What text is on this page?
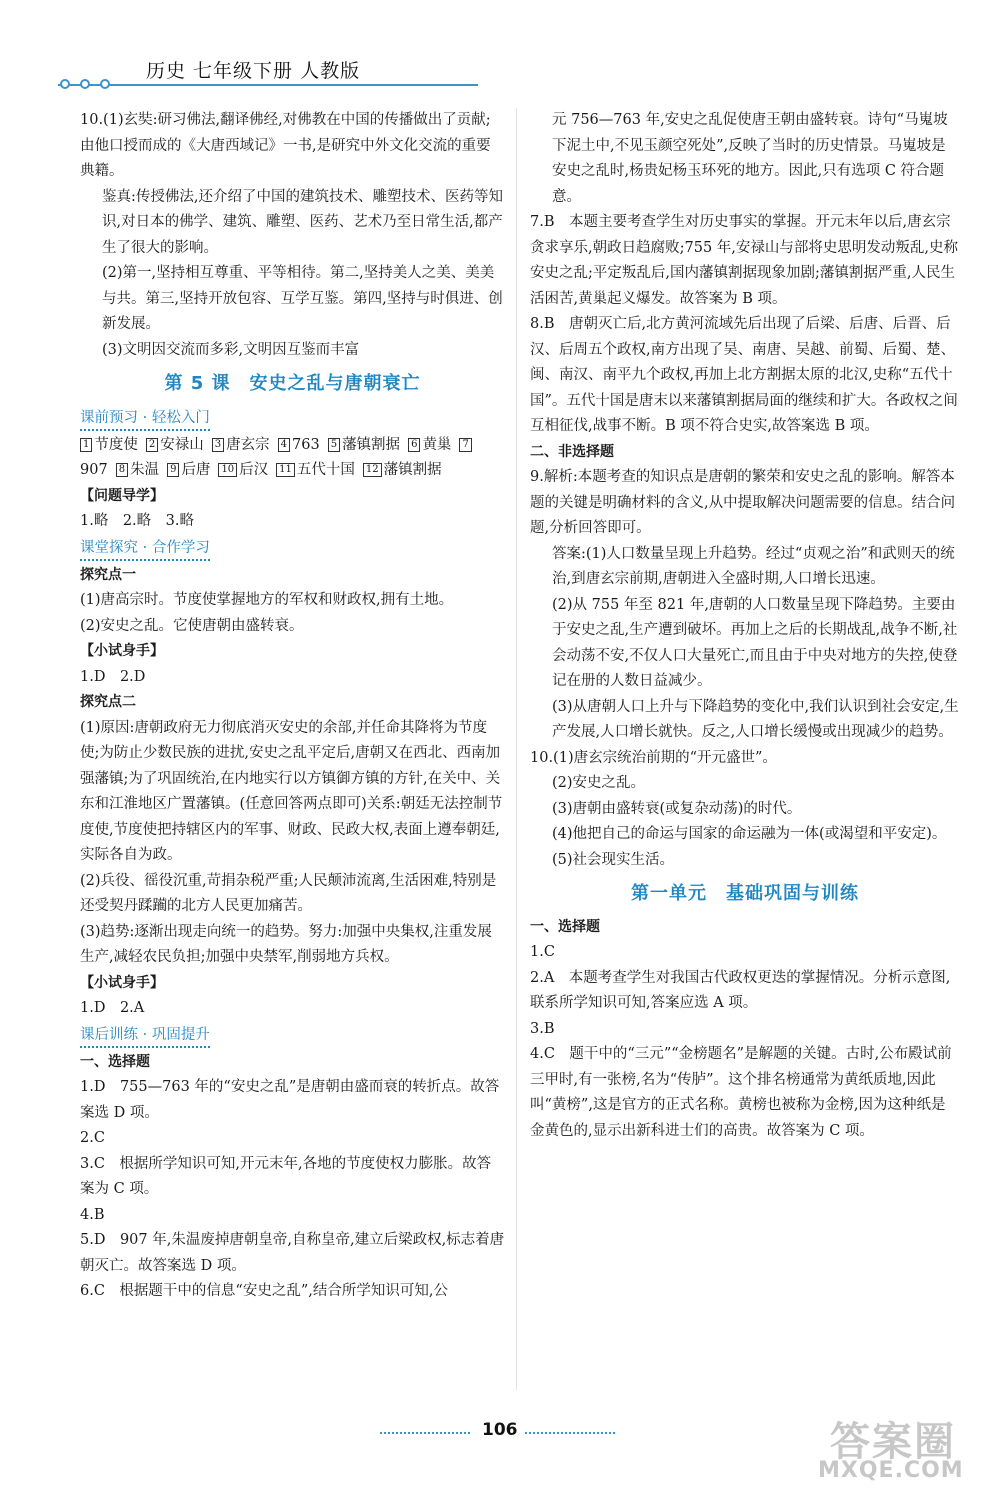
历史 七年级下册 人教版

10.(1)玄奘:研习佛法,翻译佛经,对佛教在中国的传播做出了贡献;由他口授而成的《大唐西域记》一书,是研究中外文化交流的重要典籍。

鉴真:传授佛法,还介绍了中国的建筑技术、雕塑技术、医药等知识,对日本的佛学、建筑、雕塑、医药、艺术乃至日常生活,都产生了很大的影响。

(2)第一,坚持相互尊重、平等相待。第二,坚持美人之美、美美与共。第三,坚持开放包容、互学互鉴。第四,坚持与时俱进、创新发展。

(3)文明因交流而多彩,文明因互鉴而丰富

第 5 课　安史之乱与唐朝衰亡

课前预习 · 轻松入门

1 节度使 2 安禄山 3 唐玄宗 4 763 5 藩镇割据 6 黄巢 7907 8 朱温 9 后唐 10 后汉 11 五代十国 12 藩镇割据

【问题导学】

1.略　2.略　3.略

课堂探究 · 合作学习

探究点一

(1)唐高宗时。节度使掌握地方的军权和财政权,拥有土地。

(2)安史之乱。它使唐朝由盛转衰。

【小试身手】

1.D　2.D

探究点二

(1)原因:唐朝政府无力彻底消灭安史的余部,并任命其降将为节度使;为防止少数民族的进扰,安史之乱平定后,唐朝又在西北、西南加强藩镇;为了巩固统治,在内地实行以方镇御方镇的方针,在关中、关东和江淮地区广置藩镇。(任意回答两点即可)关系:朝廷无法控制节度使,节度使把持辖区内的军事、财政、民政大权,表面上遵奉朝廷,实际各自为政。

(2)兵役、徭役沉重,苛捐杂税严重;人民颠沛流离,生活困难,特别是还受契丹蹂躏的北方人民更加痛苦。

(3)趋势:逐渐出现走向统一的趋势。努力:加强中央集权,注重发展生产,减轻农民负担;加强中央禁军,削弱地方兵权。

【小试身手】

1.D　2.A

课后训练 · 巩固提升

一、选择题

1.D　755—763 年的“安史之乱”是唐朝由盛而衰的转折点。故答案选 D 项。

2.C

3.C　根据所学知识可知,开元末年,各地的节度使权力膨胀。故答案为 C 项。

4.B

5.D　907 年,朱温废掉唐朝皇帝,自称皇帝,建立后梁政权,标志着唐朝灭亡。故答案选 D 项。

6.C　根据题干中的信息“安史之乱”,结合所学知识可知,公

元 756—763 年,安史之乱促使唐王朝由盛转衰。诗句“马嵬坡下泥土中,不见玉颜空死处”,反映了当时的历史情景。马嵬坡是安史之乱时,杨贵妃杨玉环死的地方。因此,只有选项 C 符合题意。

7.B　本题主要考查学生对历史事实的掌握。开元末年以后,唐玄宗贪求享乐,朝政日趋腐败;755 年,安禄山与部将史思明发动叛乱,史称安史之乱;平定叛乱后,国内藩镇割据现象加剧;藩镇割据严重,人民生活困苦,黄巢起义爆发。故答案为 B 项。

8.B　唐朝灭亡后,北方黄河流域先后出现了后梁、后唐、后晋、后汉、后周五个政权,南方出现了吴、南唐、吴越、前蜀、后蜀、楚、闽、南汉、南平九个政权,再加上北方割据太原的北汉,史称“五代十国”。五代十国是唐末以来藩镇割据局面的继续和扩大。各政权之间互相征伐,战事不断。B 项不符合史实,故答案选 B 项。

二、非选择题

9.解析:本题考查的知识点是唐朝的繁荣和安史之乱的影响。解答本题的关键是明确材料的含义,从中提取解决问题需要的信息。结合问题,分析回答即可。

答案:(1)人口数量呈现上升趋势。经过“贞观之治”和武则天的统治,到唐玄宗前期,唐朝进入全盛时期,人口增长迅速。

(2)从 755 年至 821 年,唐朝的人口数量呈现下降趋势。主要由于安史之乱,生产遭到破坏。再加上之后的长期战乱,战争不断,社会动荡不安,不仅人口大量死亡,而且由于中央对地方的失控,使登记在册的人数日益减少。

(3)从唐朝人口上升与下降趋势的变化中,我们认识到社会安定,生产发展,人口增长就快。反之,人口增长缓慢或出现减少的趋势。

10.(1)唐玄宗统治前期的“开元盛世”。

(2)安史之乱。

(3)唐朝由盛转衰(或复杂动荡)的时代。

(4)他把自己的命运与国家的命运融为一体(或渴望和平安定)。

(5)社会现实生活。

第一单元　基础巩固与训练

一、选择题

1.C

2.A　本题考查学生对我国古代政权更迭的掌握情况。分析示意图,联系所学知识可知,答案应选 A 项。

3.B

4.C　题干中的“三元”“金榜题名”是解题的关键。古时,公布殿试前三甲时,有一张榜,名为“传胪”。这个排名榜通常为黄纸质地,因此叫“黄榜”,这是官方的正式名称。黄榜也被称为金榜,因为这种纸是金黄色的,显示出新科进士们的高贵。故答案为 C 项。

106	答案圈
MXQE.COM
